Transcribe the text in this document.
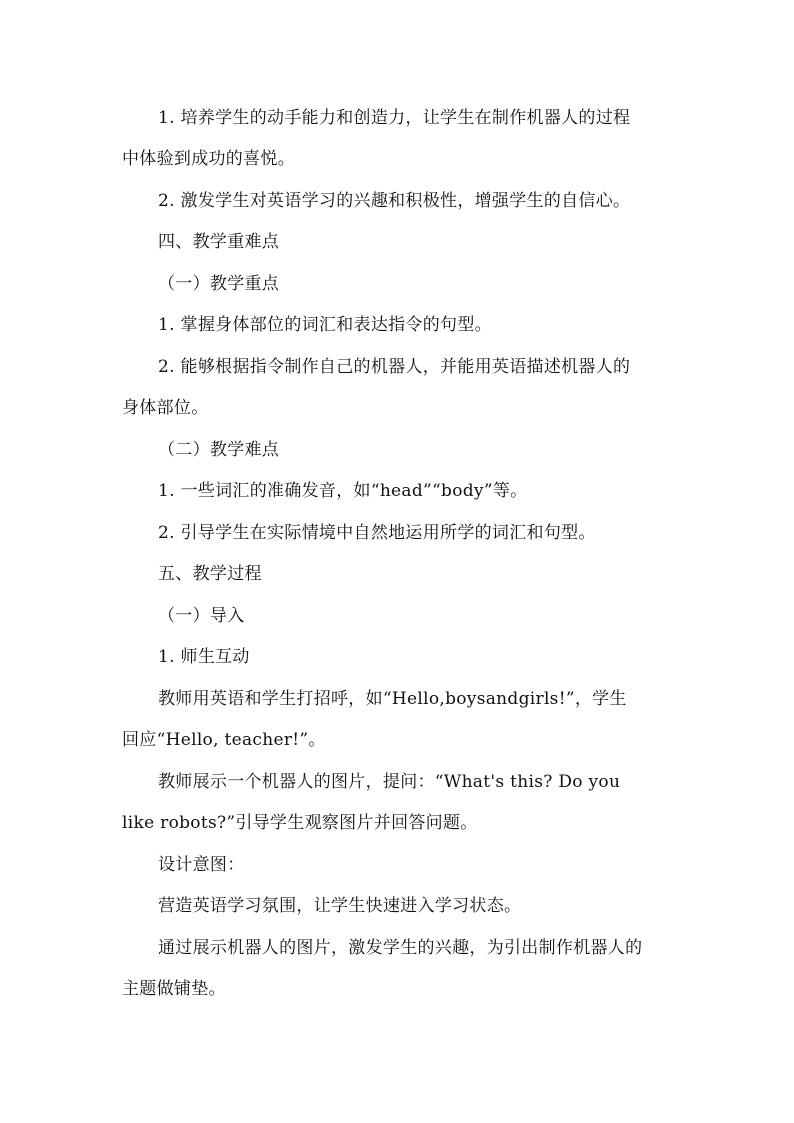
1. 培养学生的动手能力和创造力，让学生在制作机器人的过程
中体验到成功的喜悦。
2. 激发学生对英语学习的兴趣和积极性，增强学生的自信心。
四、教学重难点
（一）教学重点
1. 掌握身体部位的词汇和表达指令的句型。
2. 能够根据指令制作自己的机器人，并能用英语描述机器人的
身体部位。
（二）教学难点
1. 一些词汇的准确发音，如“head”“body”等。
2. 引导学生在实际情境中自然地运用所学的词汇和句型。
五、教学过程
（一）导入
1. 师生互动
教师用英语和学生打招呼，如“Hello,boysandgirls!”，学生
回应“Hello, teacher!”。
教师展示一个机器人的图片，提问：“What's this? Do you
like robots?”引导学生观察图片并回答问题。
设计意图：
营造英语学习氛围，让学生快速进入学习状态。
通过展示机器人的图片，激发学生的兴趣，为引出制作机器人的
主题做铺垫。
